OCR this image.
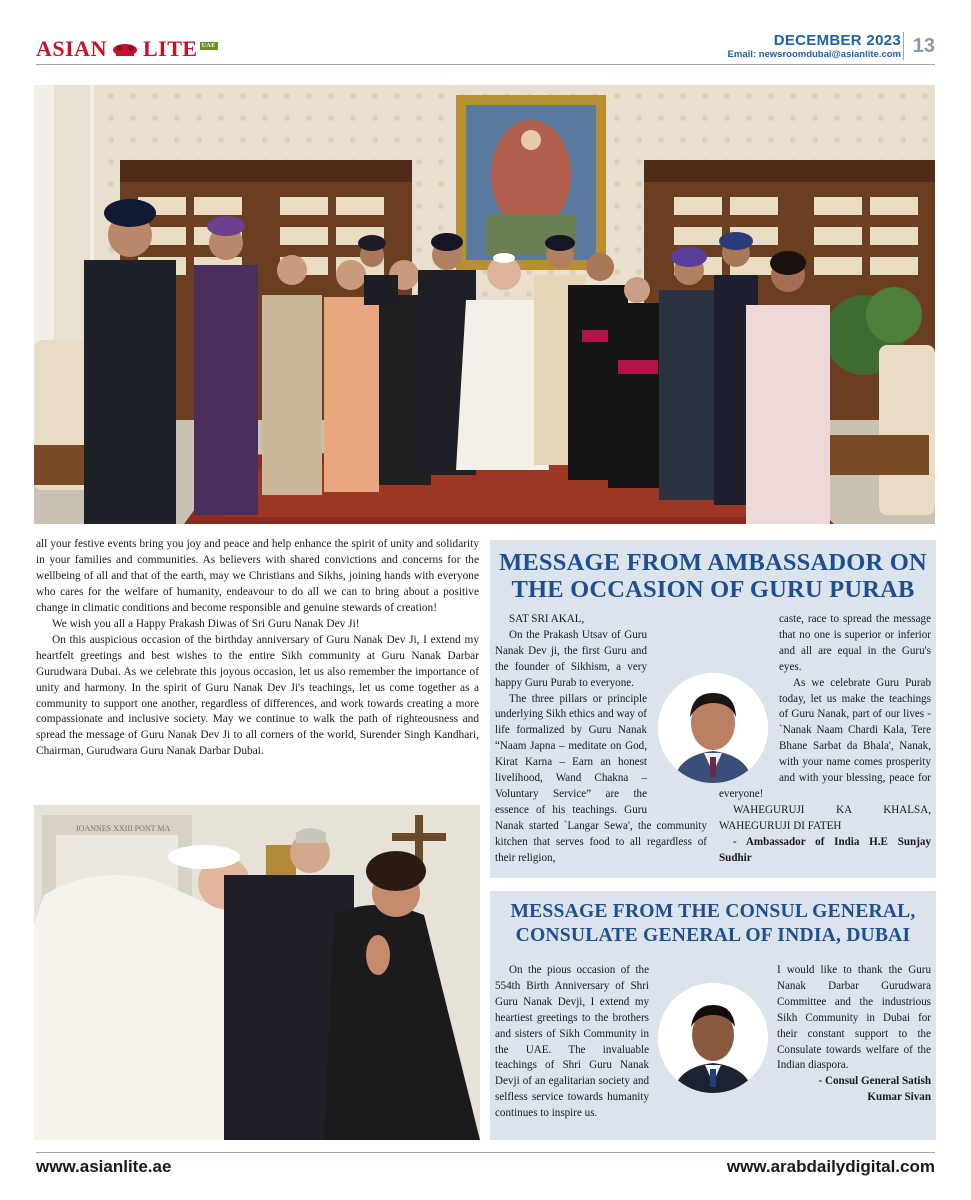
ASIAN LITE UAE	DECEMBER 2023
Email: newsroomdubai@asianlite.com 13

all your festive events bring you joy and peace and help enhance the spirit of unity and solidarity in your families and communities. As believers with shared convictions and concerns for the wellbeing of all and that of the earth, may we Christians and Sikhs, joining hands with everyone who cares for the welfare of humanity, endeavour to do all we can to bring about a positive change in climatic conditions and become responsible and genuine stewards of creation!

We wish you all a Happy Prakash Diwas of Sri Guru Nanak Dev Ji!

On this auspicious occasion of the birthday anniversary of Guru Nanak Dev Ji, I extend my heartfelt greetings and best wishes to the entire Sikh community at Guru Nanak Darbar Gurudwara Dubai. As we celebrate this joyous occasion, let us also remember the importance of unity and harmony. In the spirit of Guru Nanak Dev Ji's teachings, let us come together as a community to support one another, regardless of differences, and work towards creating a more compassionate and inclusive society. May we continue to walk the path of righteousness and spread the message of Guru Nanak Dev Ji to all corners of the world, Surender Singh Kandhari, Chairman, Gurudwara Guru Nanak Darbar Dubai.

IOANNES XXIII PONT MA
MESSAGE FROM AMBASSADOR ON THE OCCASION OF GURU PURAB

SAT SRI AKAL,

On the Prakash Utsav of Guru Nanak Dev ji, the first Guru and the founder of Sikhism, a very happy Guru Purab to everyone.

The three pillars or principle underlying Sikh ethics and way of life formalized by Guru Nanak “Naam Japna – meditate on God, Kirat Karna – Earn an honest livelihood, Wand Chakna – Voluntary Service” are the essence of his teachings. Guru Nanak started `Langar Sewa', the community kitchen that serves food to all regardless of their religion,

caste, race to spread the message that no one is superior or inferior and all are equal in the Guru's eyes.

As we celebrate Guru Purab today, let us make the teachings of Guru Nanak, part of our lives - `Nanak Naam Chardi Kala, Tere Bhane Sarbat da Bhala', Nanak, with your name comes prosperity and with your blessing, peace for everyone!

WAHEGURUJI KA KHALSA, WAHEGURUJI DI FATEH

- Ambassador of India H.E Sunjay Sudhir

MESSAGE FROM THE CONSUL GENERAL, CONSULATE GENERAL OF INDIA, DUBAI

On the pious occasion of the 554th Birth Anniversary of Shri Guru Nanak Devji, I extend my heartiest greetings to the brothers and sisters of Sikh Community in the UAE. The invaluable teachings of Shri Guru Nanak Devji of an egalitarian society and selfless service towards humanity continues to inspire us.

I would like to thank the Guru Nanak Darbar Gurudwara Committee and the industrious Sikh Community in Dubai for their constant support to the Consulate towards welfare of the Indian diaspora.

- Consul General Satish Kumar Sivan

www.asianlite.ae	www.arabdailydigital.com
